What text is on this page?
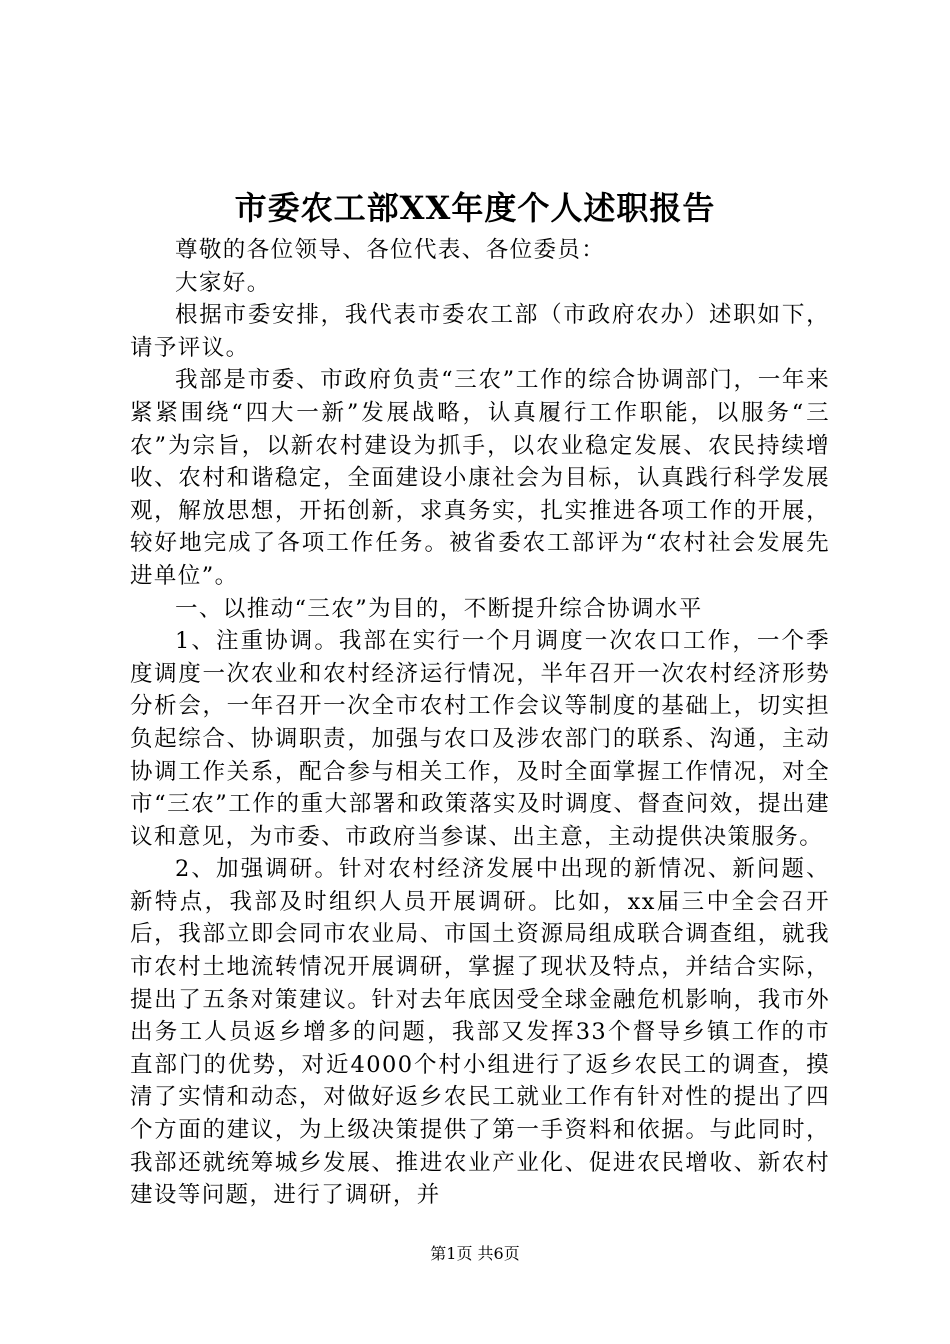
市委农工部XX年度个人述职报告

尊敬的各位领导、各位代表、各位委员：

大家好。

根据市委安排，我代表市委农工部（市政府农办）述职如下，请予评议。

我部是市委、市政府负责“三农”工作的综合协调部门，一年来紧紧围绕“四大一新”发展战略，认真履行工作职能，以服务“三农”为宗旨，以新农村建设为抓手，以农业稳定发展、农民持续增收、农村和谐稳定，全面建设小康社会为目标，认真践行科学发展观，解放思想，开拓创新，求真务实，扎实推进各项工作的开展，较好地完成了各项工作任务。被省委农工部评为“农村社会发展先进单位”。

一、以推动“三农”为目的，不断提升综合协调水平

1、注重协调。我部在实行一个月调度一次农口工作，一个季度调度一次农业和农村经济运行情况，半年召开一次农村经济形势分析会，一年召开一次全市农村工作会议等制度的基础上，切实担负起综合、协调职责，加强与农口及涉农部门的联系、沟通，主动协调工作关系，配合参与相关工作，及时全面掌握工作情况，对全市“三农”工作的重大部署和政策落实及时调度、督查问效，提出建议和意见，为市委、市政府当参谋、出主意，主动提供决策服务。

2、加强调研。针对农村经济发展中出现的新情况、新问题、新特点，我部及时组织人员开展调研。比如，xx届三中全会召开后，我部立即会同市农业局、市国土资源局组成联合调查组，就我市农村土地流转情况开展调研，掌握了现状及特点，并结合实际，提出了五条对策建议。针对去年底因受全球金融危机影响，我市外出务工人员返乡增多的问题，我部又发挥33个督导乡镇工作的市直部门的优势，对近4000个村小组进行了返乡农民工的调查，摸清了实情和动态，对做好返乡农民工就业工作有针对性的提出了四个方面的建议，为上级决策提供了第一手资料和依据。与此同时，我部还就统筹城乡发展、推进农业产业化、促进农民增收、新农村建设等问题，进行了调研，并

第1页 共6页
